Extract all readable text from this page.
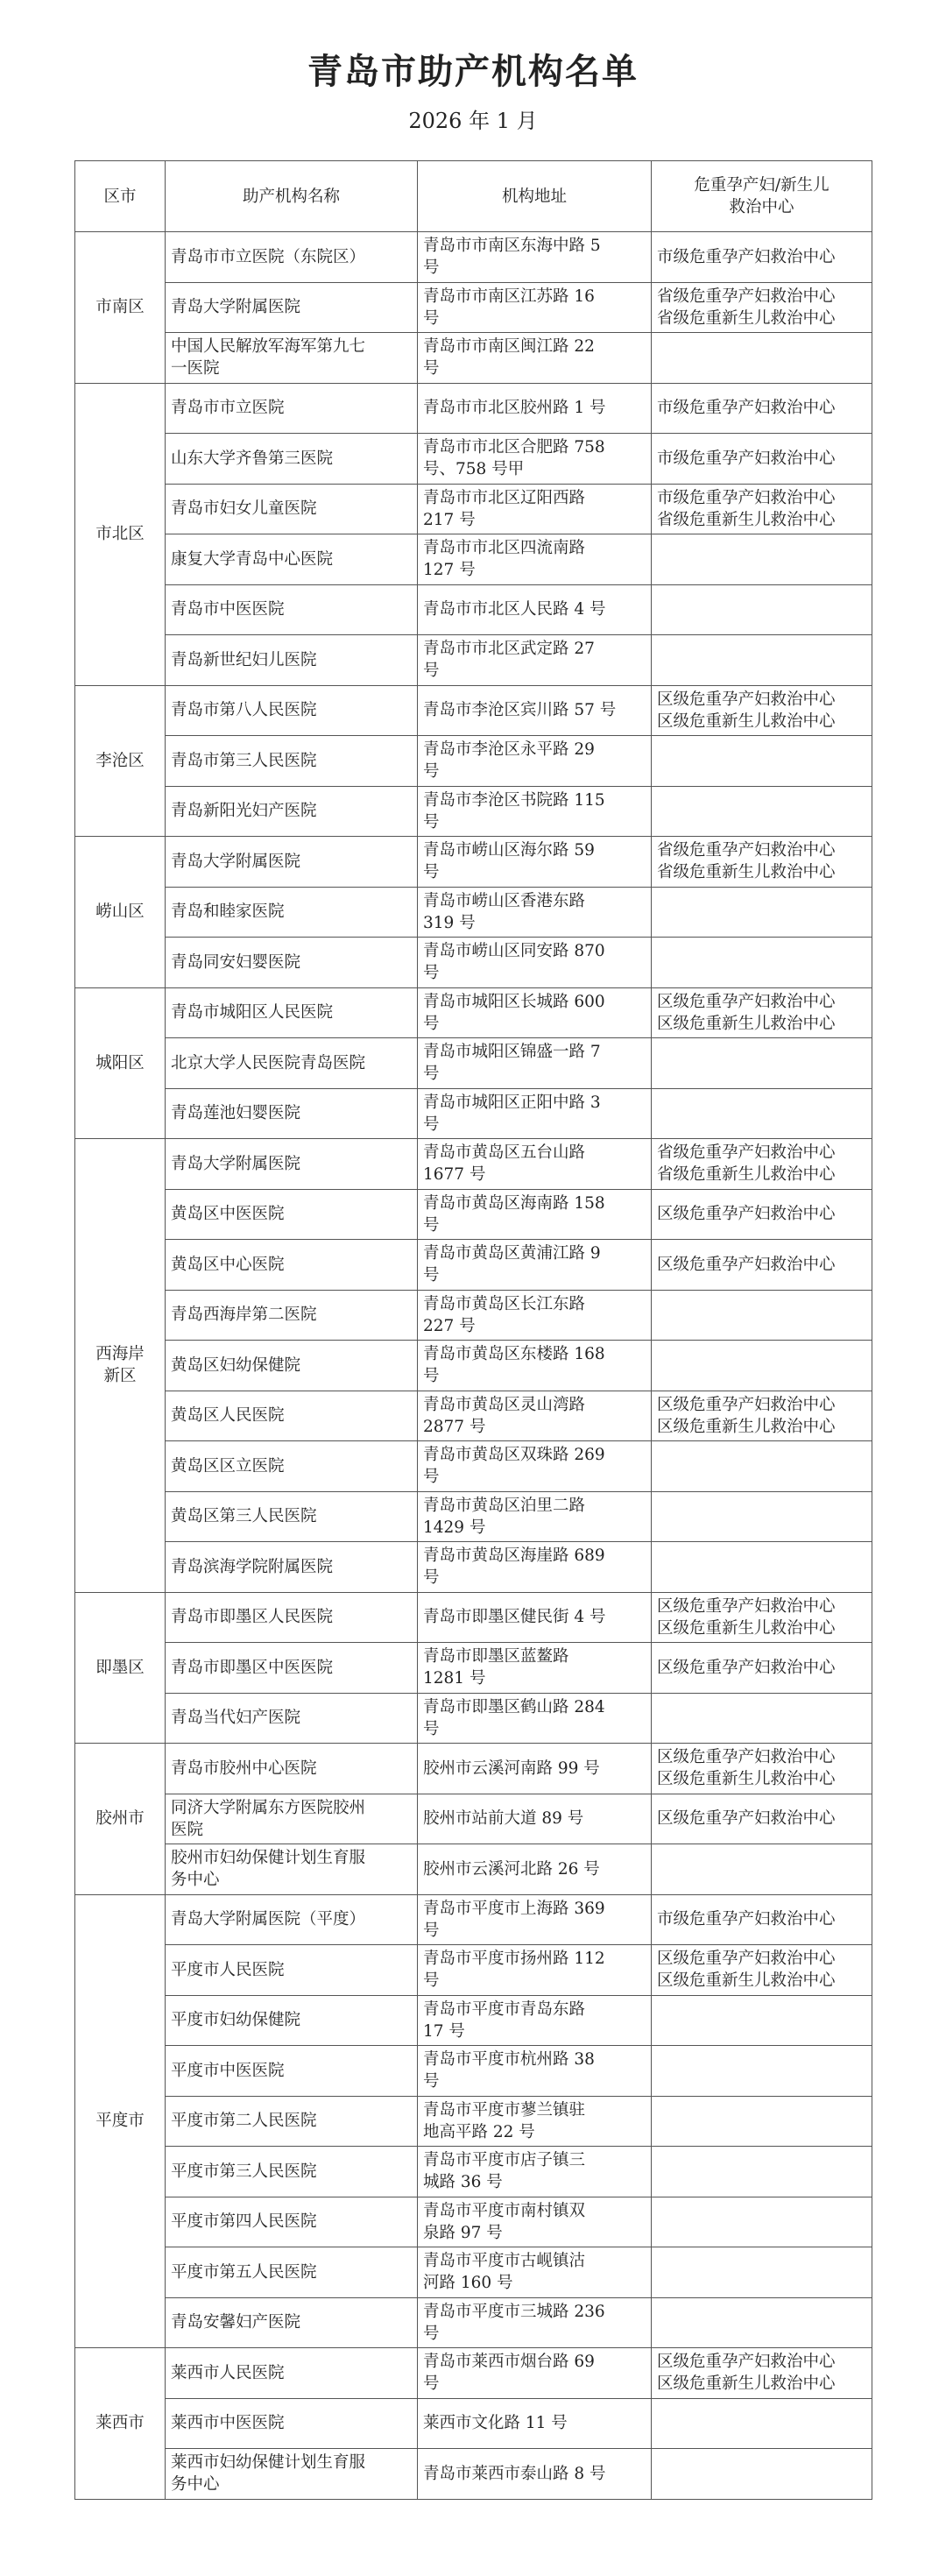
青岛市助产机构名单
2026 年 1 月
区市	助产机构名称	机构地址	危重孕产妇/新生儿
救治中心

市南区	青岛市市立医院（东院区）	青岛市市南区东海中路 5
号	市级危重孕产妇救治中心

	青岛大学附属医院	青岛市市南区江苏路 16
号	省级危重孕产妇救治中心
省级危重新生儿救治中心

	中国人民解放军海军第九七
一医院	青岛市市南区闽江路 22
号	

市北区	青岛市市立医院	青岛市市北区胶州路 1 号	市级危重孕产妇救治中心

	山东大学齐鲁第三医院	青岛市市北区合肥路 758
号、758 号甲	市级危重孕产妇救治中心

	青岛市妇女儿童医院	青岛市市北区辽阳西路
217 号	市级危重孕产妇救治中心
省级危重新生儿救治中心

	康复大学青岛中心医院	青岛市市北区四流南路
127 号	

	青岛市中医医院	青岛市市北区人民路 4 号	

	青岛新世纪妇儿医院	青岛市市北区武定路 27
号	

李沧区	青岛市第八人民医院	青岛市李沧区宾川路 57 号	区级危重孕产妇救治中心
区级危重新生儿救治中心

	青岛市第三人民医院	青岛市李沧区永平路 29
号	

	青岛新阳光妇产医院	青岛市李沧区书院路 115
号	

崂山区	青岛大学附属医院	青岛市崂山区海尔路 59
号	省级危重孕产妇救治中心
省级危重新生儿救治中心

	青岛和睦家医院	青岛市崂山区香港东路
319 号	

	青岛同安妇婴医院	青岛市崂山区同安路 870
号	

城阳区	青岛市城阳区人民医院	青岛市城阳区长城路 600
号	区级危重孕产妇救治中心
区级危重新生儿救治中心

	北京大学人民医院青岛医院	青岛市城阳区锦盛一路 7
号	

	青岛莲池妇婴医院	青岛市城阳区正阳中路 3
号	

西海岸
新区	青岛大学附属医院	青岛市黄岛区五台山路
1677 号	省级危重孕产妇救治中心
省级危重新生儿救治中心

	黄岛区中医医院	青岛市黄岛区海南路 158
号	区级危重孕产妇救治中心

	黄岛区中心医院	青岛市黄岛区黄浦江路 9
号	区级危重孕产妇救治中心

	青岛西海岸第二医院	青岛市黄岛区长江东路
227 号	

	黄岛区妇幼保健院	青岛市黄岛区东楼路 168
号	

	黄岛区人民医院	青岛市黄岛区灵山湾路
2877 号	区级危重孕产妇救治中心
区级危重新生儿救治中心

	黄岛区区立医院	青岛市黄岛区双珠路 269
号	

	黄岛区第三人民医院	青岛市黄岛区泊里二路
1429 号	

	青岛滨海学院附属医院	青岛市黄岛区海崖路 689
号	

即墨区	青岛市即墨区人民医院	青岛市即墨区健民街 4 号	区级危重孕产妇救治中心
区级危重新生儿救治中心

	青岛市即墨区中医医院	青岛市即墨区蓝鳌路
1281 号	区级危重孕产妇救治中心

	青岛当代妇产医院	青岛市即墨区鹤山路 284
号	

胶州市	青岛市胶州中心医院	胶州市云溪河南路 99 号	区级危重孕产妇救治中心
区级危重新生儿救治中心

	同济大学附属东方医院胶州
医院	胶州市站前大道 89 号	区级危重孕产妇救治中心

	胶州市妇幼保健计划生育服
务中心	胶州市云溪河北路 26 号	

平度市	青岛大学附属医院（平度）	青岛市平度市上海路 369
号	市级危重孕产妇救治中心

	平度市人民医院	青岛市平度市扬州路 112
号	区级危重孕产妇救治中心
区级危重新生儿救治中心

	平度市妇幼保健院	青岛市平度市青岛东路
17 号	

	平度市中医医院	青岛市平度市杭州路 38
号	

	平度市第二人民医院	青岛市平度市蓼兰镇驻
地高平路 22 号	

	平度市第三人民医院	青岛市平度市店子镇三
城路 36 号	

	平度市第四人民医院	青岛市平度市南村镇双
泉路 97 号	

	平度市第五人民医院	青岛市平度市古岘镇沽
河路 160 号	

	青岛安馨妇产医院	青岛市平度市三城路 236
号	

莱西市	莱西市人民医院	青岛市莱西市烟台路 69
号	区级危重孕产妇救治中心
区级危重新生儿救治中心

	莱西市中医医院	莱西市文化路 11 号	

	莱西市妇幼保健计划生育服
务中心	青岛市莱西市泰山路 8 号	
